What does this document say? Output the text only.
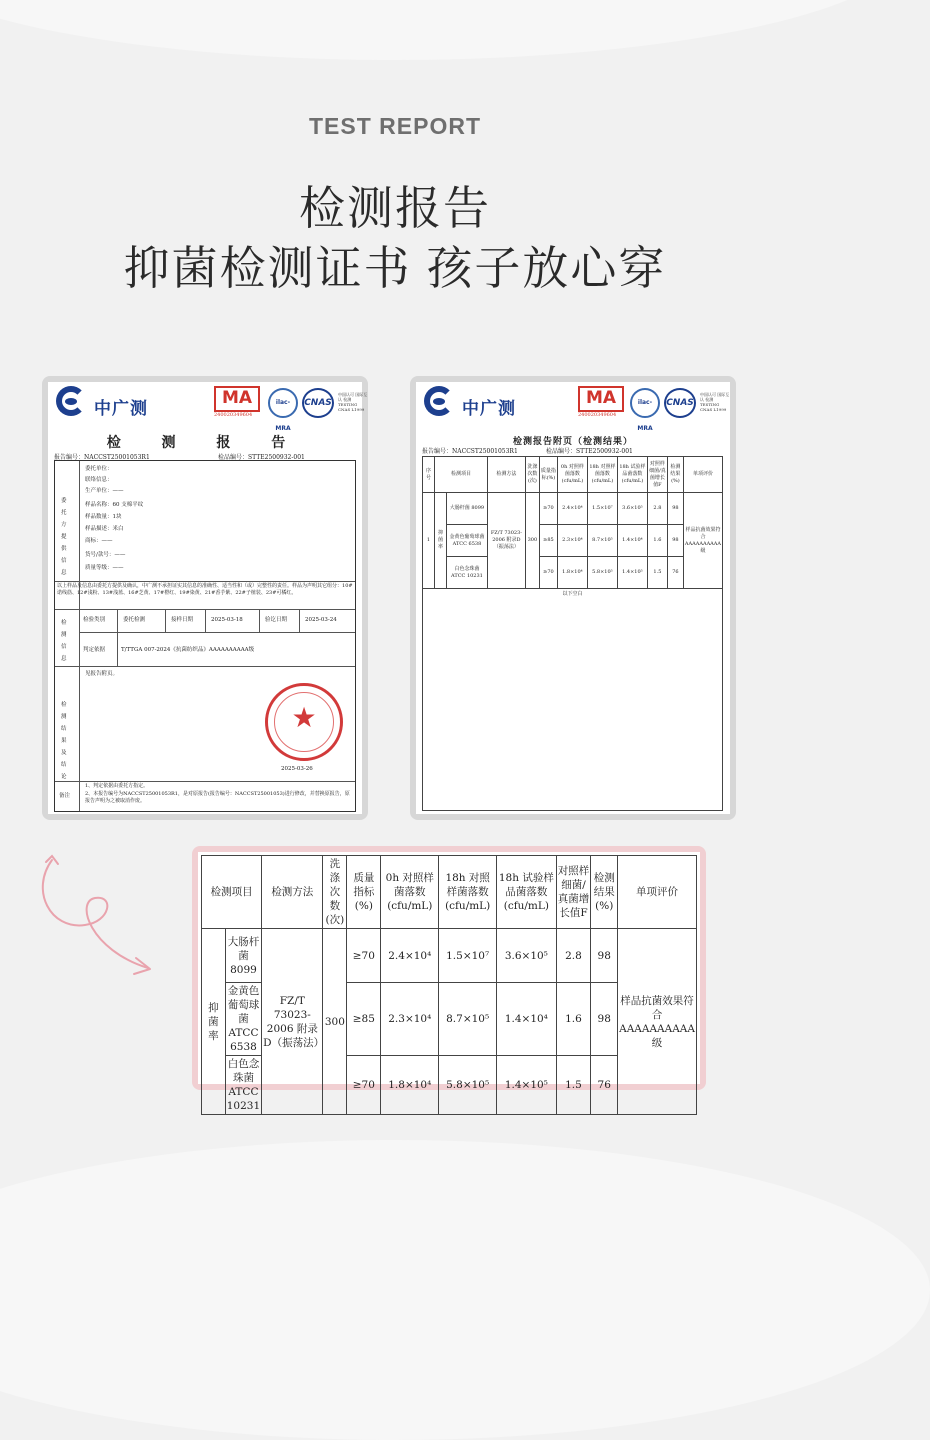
TEST REPORT
检测报告
抑菌检测证书 孩子放心穿
中广测
MA
240020349604
ilac-MRA
CNAS
中国认可 国际互认 检测 TESTING CNAS L1999
检 测 报 告
报告编号：NACCST25001053R1	检品编号：STTE2500932-001
委托方提供信息
委托单位：
联络信息：
生产单位：——
样品名称：60 支棉平纹
样品数量：1块
样品描述：米白
商标：——
货号/款号：——
质量等级：——
以上样品及信息由委托方提供及确认，中广测不承担证实其信息的准确性、适当性和（或）完整性的责任。样品为声明其它组分：10#诺线筋、12#浅粉、13#浅蓝、16#芝黄、17#橙红、19#染黄、21#香芋紫、22#子植装、23#可橘红。
检测信息
检验类别	委托检测	接样日期	2025-03-18	验讫日期	2025-03-24
判定依据	T/TTGA 007-2024《抗菌纺织品》AAAAAAAAAA级
检测结果及结论
见报告附页。
★
2025-03-26
备注
1、判定依据由委托方指定。
2、本报告编号为NACCST25001053R1，是对原报告(报告编号：NACCST25001053)进行修改，并替换原报告，原报告声明为之被取消作废。
中广测
MA
240020349604
ilac-MRA
CNAS
中国认可 国际互认 检测 TESTING CNAS L1999
检测报告附页（检测结果）
报告编号：NACCST25001053R1	检品编号：STTE2500932-001
序号	检测项目		检测方法	洗涤次数(次)	质量指标(%)	0h 对照样菌落数(cfu/mL)	18h 对照样菌落数(cfu/mL)	18h 试验样品菌落数(cfu/mL)	对照样细菌/真菌增长值F	检测结果(%)	单项评价
1	抑菌率	大肠杆菌 8099	FZ/T 73023-2006 附录D（振荡法）	300	≥70	2.4×10⁴	1.5×10⁷	3.6×10⁵	2.8	98	样品抗菌效果符合AAAAAAAAAA级
		金黄色葡萄球菌 ATCC 6538			≥85	2.3×10⁴	8.7×10⁵	1.4×10⁴	1.6	98	
		白色念珠菌 ATCC 10231			≥70	1.8×10⁴	5.8×10⁵	1.4×10⁵	1.5	76	
以下空白											
检测项目		检测方法	洗涤次数(次)	质量指标(%)	0h 对照样菌落数(cfu/mL)	18h 对照样菌落数(cfu/mL)	18h 试验样品菌落数(cfu/mL)	对照样细菌/真菌增长值F	检测结果(%)	单项评价
抑菌率	大肠杆菌 8099	FZ/T 73023-2006 附录D（振荡法）	300	≥70	2.4×10⁴	1.5×10⁷	3.6×10⁵	2.8	98	样品抗菌效果符合AAAAAAAAAA级
	金黄色葡萄球菌 ATCC 6538			≥85	2.3×10⁴	8.7×10⁵	1.4×10⁴	1.6	98	
	白色念珠菌 ATCC 10231			≥70	1.8×10⁴	5.8×10⁵	1.4×10⁵	1.5	76	
